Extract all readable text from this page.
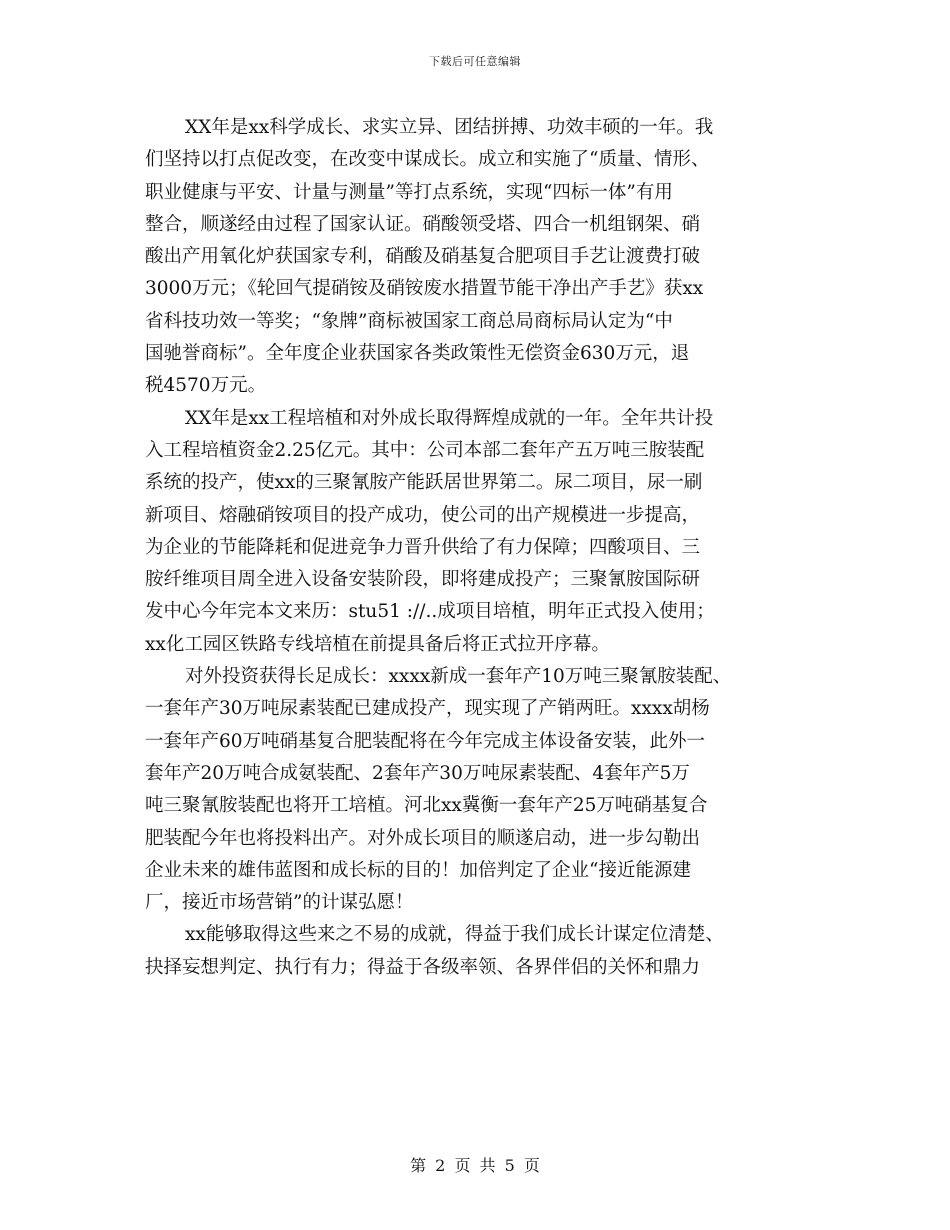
下载后可任意编辑
XX年是xx科学成长、求实立异、团结拼搏、功效丰硕的一年。我
们坚持以打点促改变，在改变中谋成长。成立和实施了“质量、情形、
职业健康与平安、计量与测量”等打点系统，实现“四标一体”有用
整合，顺遂经由过程了国家认证。硝酸领受塔、四合一机组钢架、硝
酸出产用氧化炉获国家专利，硝酸及硝基复合肥项目手艺让渡费打破
3000万元；《轮回气提硝铵及硝铵废水措置节能干净出产手艺》获xx
省科技功效一等奖；“象牌”商标被国家工商总局商标局认定为“中
国驰誉商标”。全年度企业获国家各类政策性无偿资金630万元，退
税4570万元。
XX年是xx工程培植和对外成长取得辉煌成就的一年。全年共计投
入工程培植资金2.25亿元。其中：公司本部二套年产五万吨三胺装配
系统的投产，使xx的三聚氰胺产能跃居世界第二。尿二项目，尿一刷
新项目、熔融硝铵项目的投产成功，使公司的出产规模进一步提高，
为企业的节能降耗和促进竞争力晋升供给了有力保障；四酸项目、三
胺纤维项目周全进入设备安装阶段，即将建成投产；三聚氰胺国际研
发中心今年完本文来历：stu51 ://..成项目培植，明年正式投入使用；
xx化工园区铁路专线培植在前提具备后将正式拉开序幕。
对外投资获得长足成长：xxxx新成一套年产10万吨三聚氰胺装配、
一套年产30万吨尿素装配已建成投产，现实现了产销两旺。xxxx胡杨
一套年产60万吨硝基复合肥装配将在今年完成主体设备安装，此外一
套年产20万吨合成氨装配、2套年产30万吨尿素装配、4套年产5万
吨三聚氰胺装配也将开工培植。河北xx冀衡一套年产25万吨硝基复合
肥装配今年也将投料出产。对外成长项目的顺遂启动，进一步勾勒出
企业未来的雄伟蓝图和成长标的目的！加倍判定了企业“接近能源建
厂，接近市场营销”的计谋弘愿！
xx能够取得这些来之不易的成就，得益于我们成长计谋定位清楚、
抉择妄想判定、执行有力；得益于各级率领、各界伴侣的关怀和鼎力
第 2 页 共 5 页
